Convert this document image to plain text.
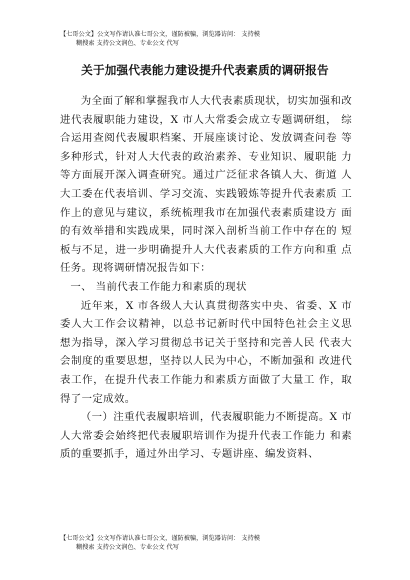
【七哥公文】公文写作请认准七哥公文，谨防被骗，浏览器访问： 支持模
糊搜索 支持公文润色、专业公文 代写
关于加强代表能力建设提升代表素质的调研报告

为全面了解和掌握我市人大代表素质现状，切实加强和改进代表履职能力建设，X 市人大常委会成立专题调研组， 综合运用查阅代表履职档案、开展座谈讨论、发放调查问卷 等多种形式，针对人大代表的政治素养、专业知识、履职能 力等方面展开深入调查研究。通过广泛征求各镇人大、街道 人大工委在代表培训、学习交流、实践锻炼等提升代表素质 工作上的意见与建议，系统梳理我市在加强代表素质建设方 面的有效举措和实践成果，同时深入剖析当前工作中存在的 短板与不足，进一步明确提升人大代表素质的工作方向和重 点任务。现将调研情况报告如下：

一、 当前代表工作能力和素质的现状

近年来，X 市各级人大认真贯彻落实中央、省委、X 市 委人大工作会议精神，以总书记新时代中国特色社会主义思 想为指导，深入学习贯彻总书记关于坚持和完善人民 代表大会制度的重要思想，坚持以人民为中心，不断加强和 改进代表工作，在提升代表工作能力和素质方面做了大量工 作，取得了一定成效。

（一）注重代表履职培训，代表履职能力不断提高。X 市人大常委会始终把代表履职培训作为提升代表工作能力 和素质的重要抓手，通过外出学习、专题讲座、编发资料、

【七哥公文】公文写作请认准七哥公文，谨防被骗，浏览器访问： 支持模
糊搜索 支持公文润色、专业公文 代写
